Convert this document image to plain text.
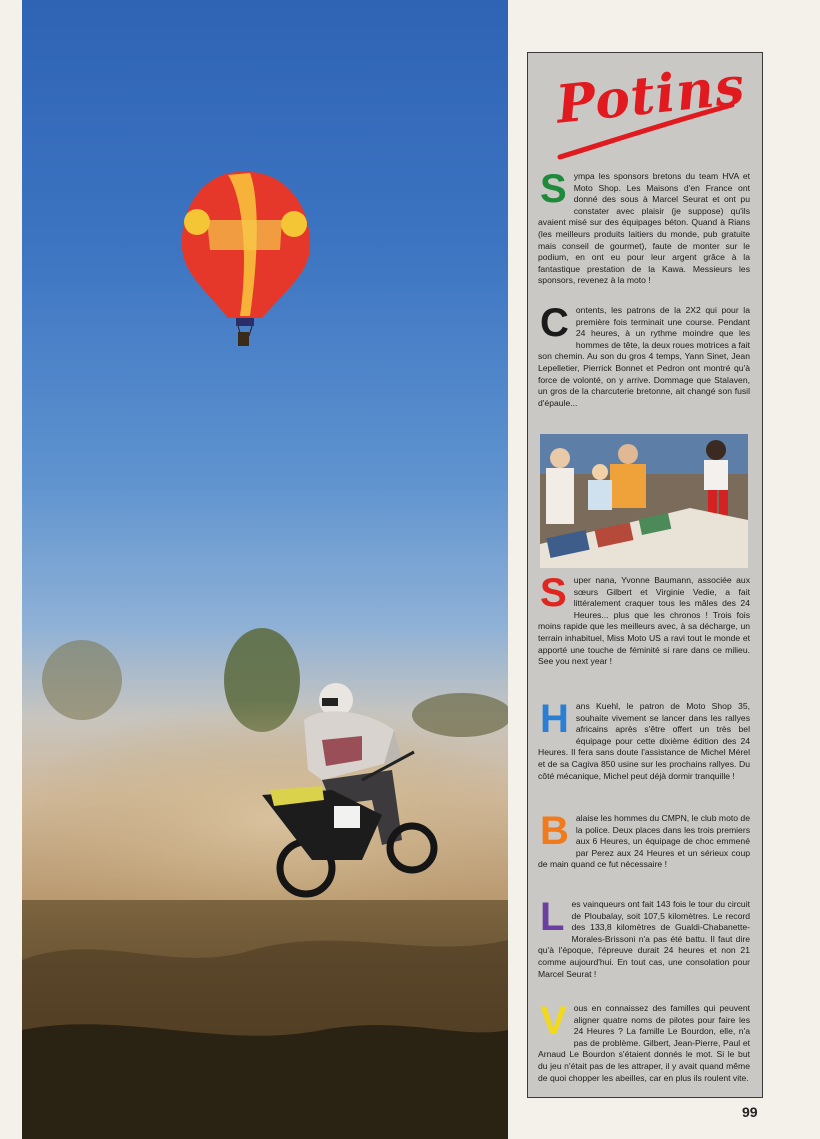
Potins

Sympa les sponsors bretons du team HVA et Moto Shop. Les Maisons d'en France ont donné des sous à Marcel Seurat et ont pu constater avec plaisir (je suppose) qu'ils avaient misé sur des équipages béton. Quand à Rians (les meilleurs produits laitiers du monde, pub gratuite mais conseil de gourmet), faute de monter sur le podium, en ont eu pour leur argent grâce à la fantastique prestation de la Kawa. Messieurs les sponsors, revenez à la moto !

Contents, les patrons de la 2X2 qui pour la première fois terminait une course. Pendant 24 heures, à un rythme moindre que les hommes de tête, la deux roues motrices a fait son chemin. Au son du gros 4 temps, Yann Sinet, Jean Lepelletier, Pierrick Bonnet et Pedron ont montré qu'à force de volonté, on y arrive. Dommage que Stalaven, un gros de la charcuterie bretonne, ait changé son fusil d'épaule...

Super nana, Yvonne Baumann, associée aux sœurs Gilbert et Virginie Vedie, a fait littéralement craquer tous les mâles des 24 Heures... plus que les chronos ! Trois fois moins rapide que les meilleurs avec, à sa décharge, un terrain inhabituel, Miss Moto US a ravi tout le monde et apporté une touche de féminité si rare dans ce milieu. See you next year !

Hans Kuehl, le patron de Moto Shop 35, souhaite vivement se lancer dans les rallyes africains après s'être offert un très bel équipage pour cette dixième édition des 24 Heures. Il fera sans doute l'assistance de Michel Mérel et de sa Cagiva 850 usine sur les prochains rallyes. Du côté mécanique, Michel peut déjà dormir tranquille !

Balaise les hommes du CMPN, le club moto de la police. Deux places dans les trois premiers aux 6 Heures, un équipage de choc emmené par Perez aux 24 Heures et un sérieux coup de main quand ce fut nécessaire !

Les vainqueurs ont fait 143 fois le tour du circuit de Ploubalay, soit 107,5 kilomètres. Le record des 133,8 kilomètres de Gualdi-Chabanette-Morales-Brissoni n'a pas été battu. Il faut dire qu'à l'époque, l'épreuve durait 24 heures et non 21 comme aujourd'hui. En tout cas, une consolation pour Marcel Seurat !

Vous en connaissez des familles qui peuvent aligner quatre noms de pilotes pour faire les 24 Heures ? La famille Le Bourdon, elle, n'a pas de problème. Gilbert, Jean-Pierre, Paul et Arnaud Le Bourdon s'étaient donnés le mot. Si le but du jeu n'était pas de les attraper, il y avait quand même de quoi chopper les abeilles, car en plus ils roulent vite.

99
